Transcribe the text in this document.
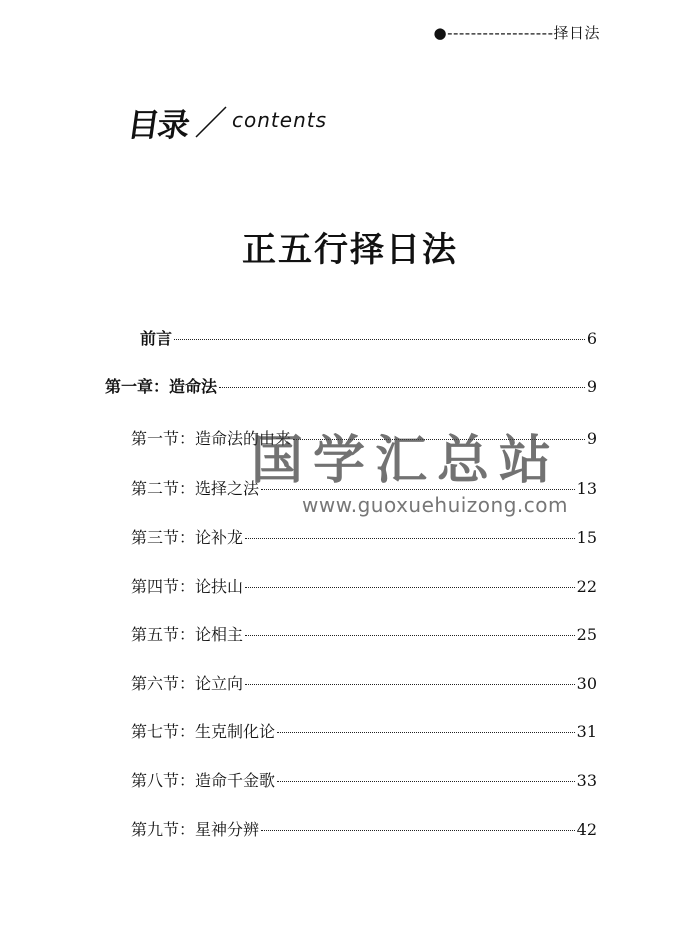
●------------------择日法
目录 contents
正五行择日法
前言	6
第一章：造命法	9
第一节：造命法的由来	9
第二节：选择之法	13
第三节：论补龙	15
第四节：论扶山	22
第五节：论相主	25
第六节：论立向	30
第七节：生克制化论	31
第八节：造命千金歌	33
第九节：星神分辨	42
国学汇总站
www.guoxuehuizong.com
